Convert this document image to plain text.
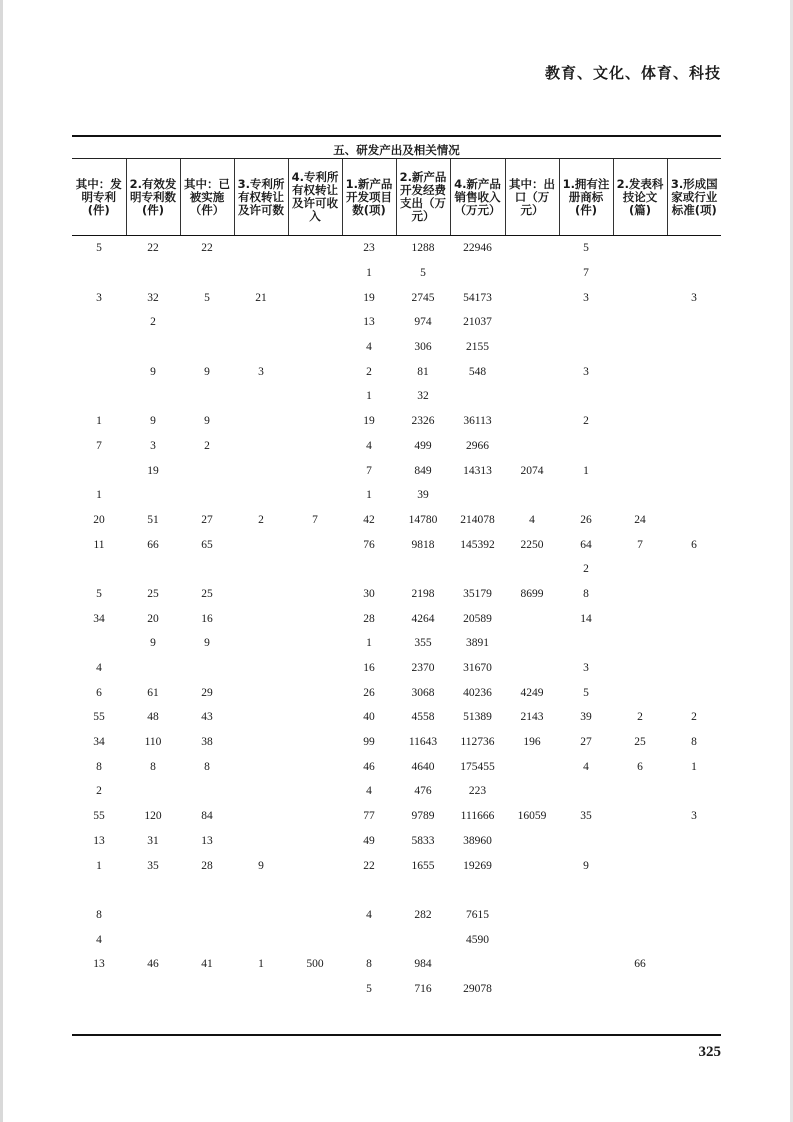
教育、文化、体育、科技
五、研发产出及相关情况
其中：发明专利(件)	2.有效发明专利数(件)	其中：已被实施（件）	3.专利所有权转让及许可数	4.专利所有权转让及许可收入	1.新产品开发项目数(项)	2.新产品开发经费支出（万元）	4.新产品销售收入（万元）	其中：出口（万元）	1.拥有注册商标(件)	2.发表科技论文(篇)	3.形成国家或行业标准(项)
5	22	22			23	1288	22946		5		
					1	5			7		
3	32	5	21		19	2745	54173		3		3
	2				13	974	21037				
					4	306	2155				
	9	9	3		2	81	548		3		
					1	32					
1	9	9			19	2326	36113		2		
7	3	2			4	499	2966				
	19				7	849	14313	2074	1		
1					1	39					
20	51	27	2	7	42	14780	214078	4	26	24	
11	66	65			76	9818	145392	2250	64	7	6
									2		
5	25	25			30	2198	35179	8699	8		
34	20	16			28	4264	20589		14		
	9	9			1	355	3891				
4					16	2370	31670		3		
6	61	29			26	3068	40236	4249	5		
55	48	43			40	4558	51389	2143	39	2	2
34	110	38			99	11643	112736	196	27	25	8
8	8	8			46	4640	175455		4	6	1
2					4	476	223				
55	120	84			77	9789	111666	16059	35		3
13	31	13			49	5833	38960				
1	35	28	9		22	1655	19269		9		

8					4	282	7615				
4							4590				
13	46	41	1	500	8	984				66	
					5	716	29078				
325
